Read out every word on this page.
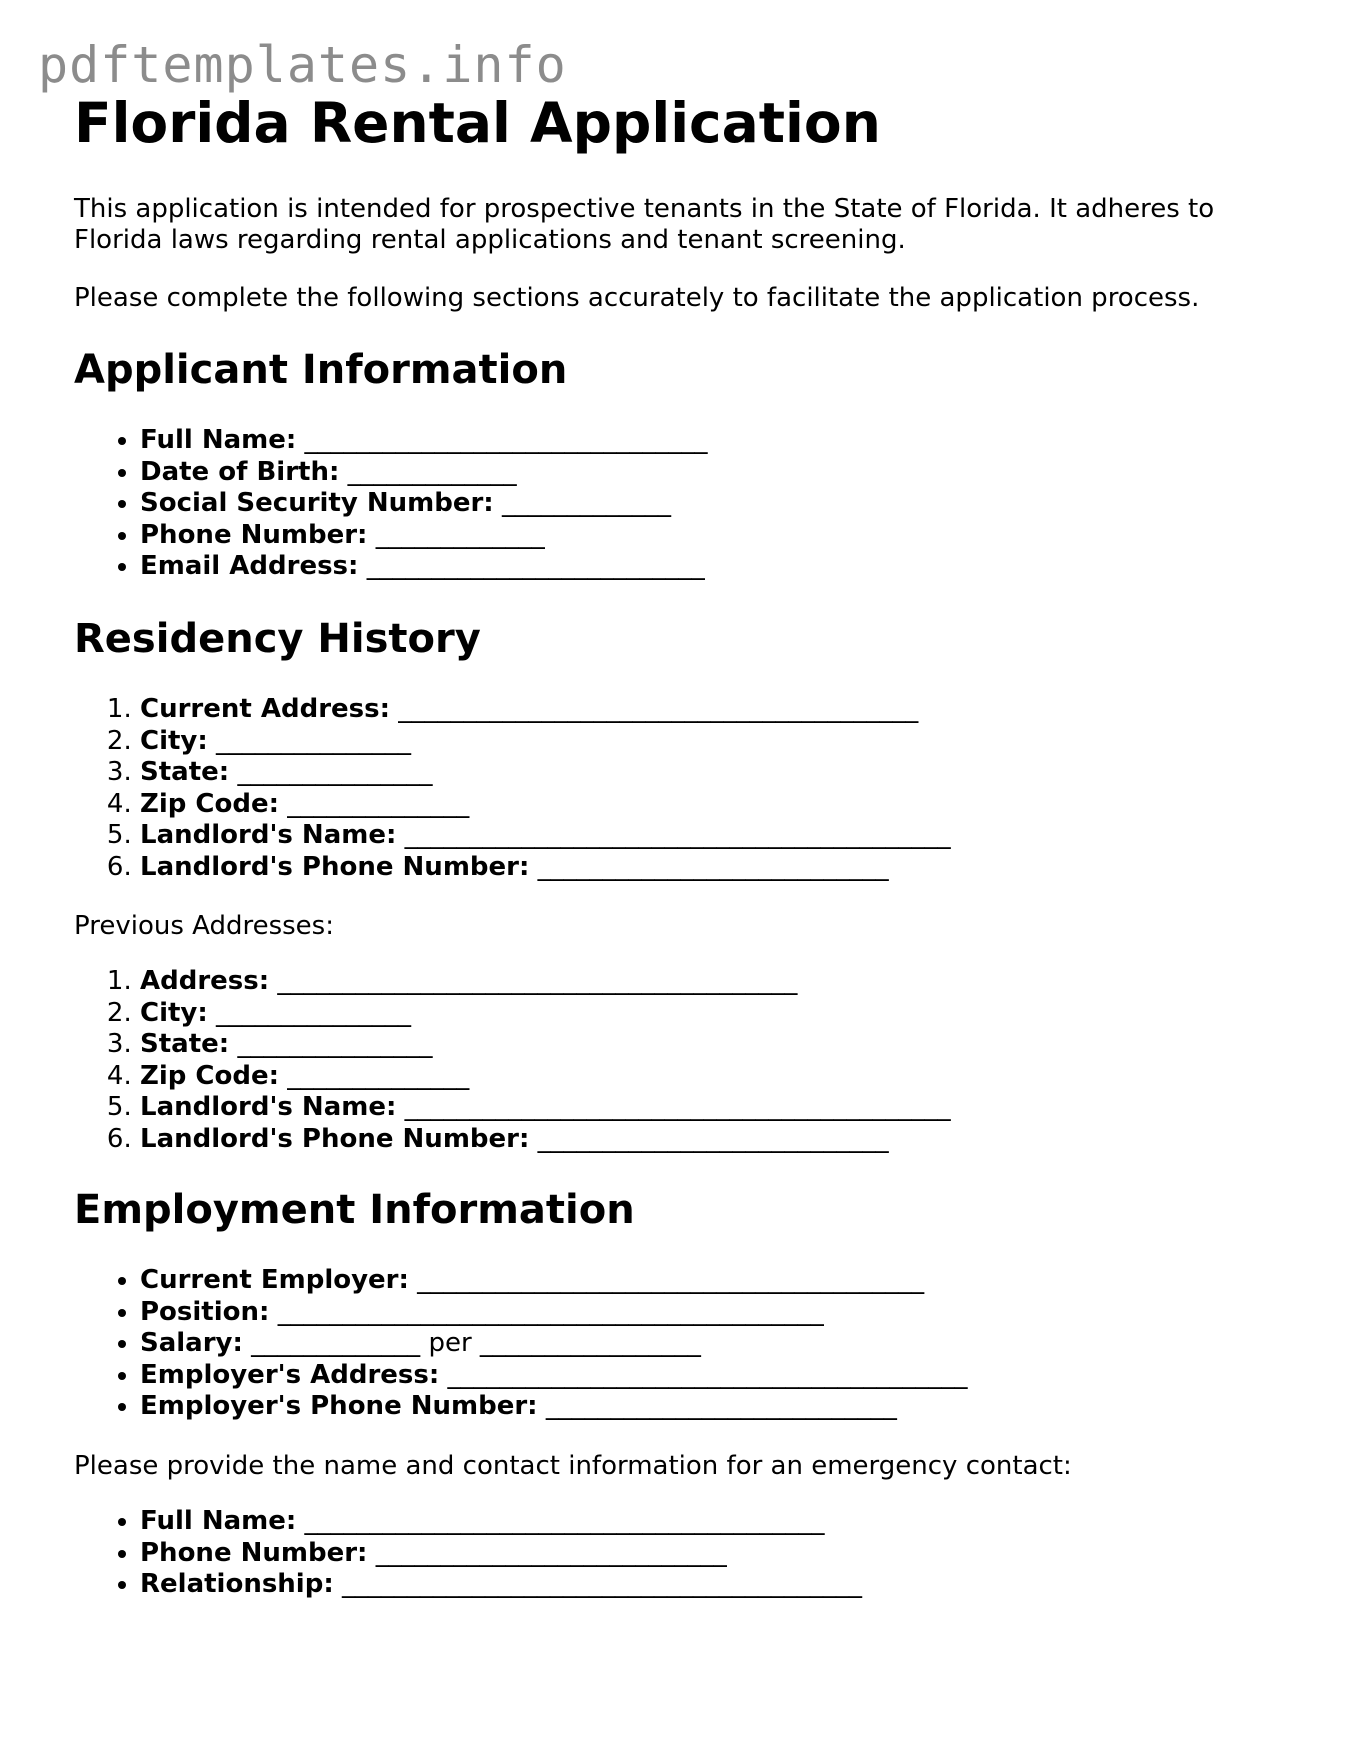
pdftemplates.info
Florida Rental Application

This application is intended for prospective tenants in the State of Florida. It adheres to Florida laws regarding rental applications and tenant screening.

Please complete the following sections accurately to facilitate the application process.

Applicant Information
• Full Name: _______________________________
• Date of Birth: _____________
• Social Security Number: _____________
• Phone Number: _____________
• Email Address: __________________________
Residency History
1. Current Address: ________________________________________
2. City: _______________
3. State: _______________
4. Zip Code: ______________
5. Landlord's Name: __________________________________________
6. Landlord's Phone Number: ___________________________

Previous Addresses:

1. Address: ________________________________________
2. City: _______________
3. State: _______________
4. Zip Code: ______________
5. Landlord's Name: __________________________________________
6. Landlord's Phone Number: ___________________________
Employment Information
• Current Employer: _______________________________________
• Position: __________________________________________
• Salary: _____________ per _________________
• Employer's Address: ________________________________________
• Employer's Phone Number: ___________________________

Please provide the name and contact information for an emergency contact:

• Full Name: ________________________________________
• Phone Number: ___________________________
• Relationship: ________________________________________
